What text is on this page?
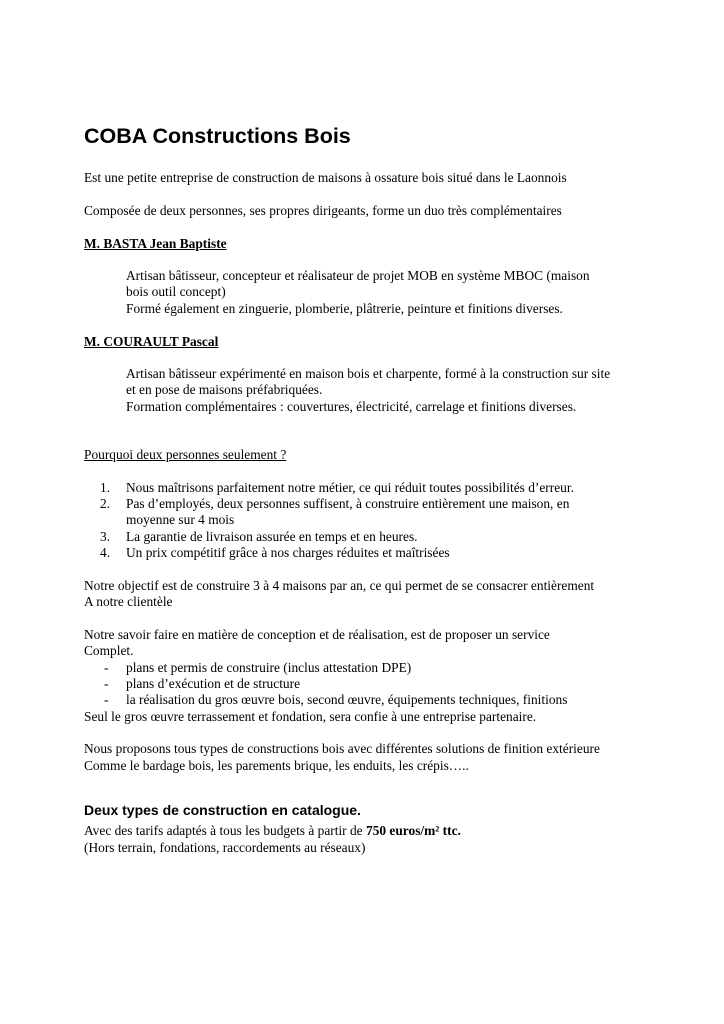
COBA Constructions Bois

Est une petite entreprise de construction de maisons à ossature bois situé dans le Laonnois

Composée de deux personnes, ses propres dirigeants, forme un duo très complémentaires

M. BASTA Jean Baptiste

Artisan bâtisseur, concepteur et réalisateur de projet MOB en système MBOC (maison

bois outil concept)

Formé également en zinguerie, plomberie, plâtrerie, peinture et finitions diverses.

M. COURAULT Pascal

Artisan bâtisseur expérimenté en maison bois et charpente, formé à la construction sur site

et en pose de maisons préfabriquées.

Formation complémentaires : couvertures, électricité, carrelage et finitions diverses.

Pourquoi deux personnes seulement ?

1.	Nous maîtrisons parfaitement notre métier, ce qui réduit toutes possibilités d’erreur.
2.	Pas d’employés, deux personnes suffisent, à construire entièrement une maison, en

moyenne sur 4 mois

3.	La garantie de livraison assurée en temps et en heures.
4.	Un prix compétitif grâce à nos charges réduites et maîtrisées

Notre objectif est de construire 3 à 4 maisons par an, ce qui permet de se consacrer entièrement

A notre clientèle

Notre savoir faire en matière de conception et de réalisation, est de proposer un service

Complet.

-	plans et permis de construire (inclus attestation DPE)
-	plans d’exécution et de structure
-	la réalisation du gros œuvre bois, second œuvre, équipements techniques, finitions

Seul le gros œuvre terrassement et fondation, sera confie à une entreprise partenaire.

Nous proposons tous types de constructions bois avec différentes solutions de finition extérieure

Comme le bardage bois, les parements brique, les enduits, les crépis…..

Deux types de construction en catalogue.

Avec des tarifs adaptés à tous les budgets à partir de 750 euros/m² ttc.

(Hors terrain, fondations, raccordements au réseaux)
